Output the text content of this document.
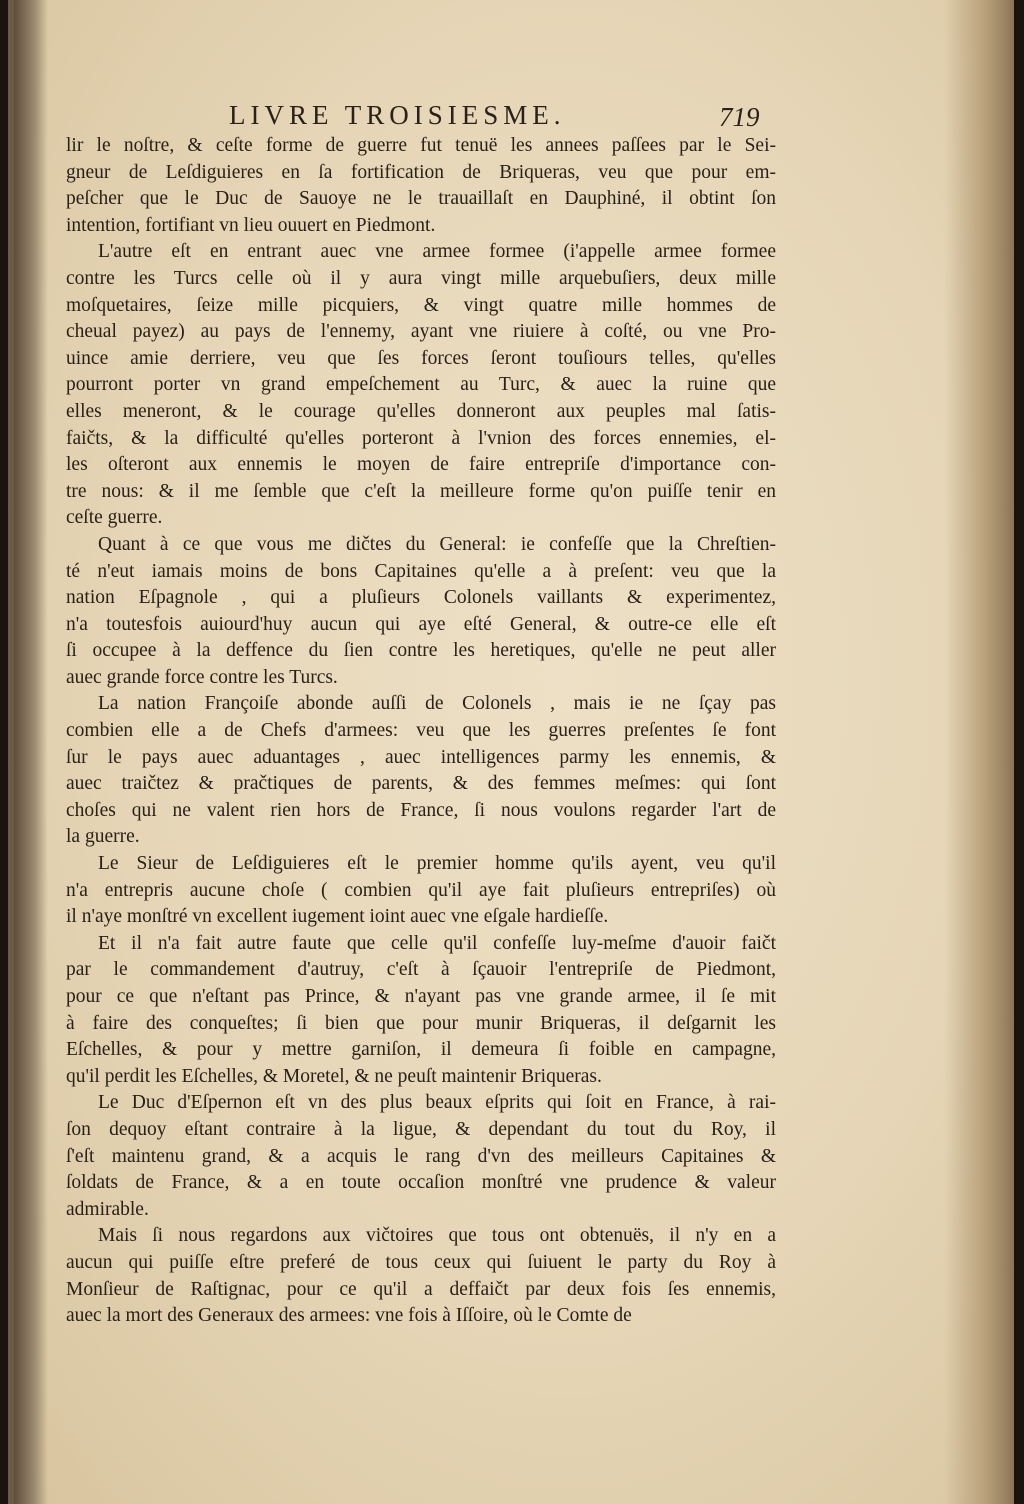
LIVRE TROISIESME.	719
lir le noſtre, & ceſte forme de guerre fut tenuë les annees paſſees par le Sei-
gneur de Leſdiguieres en ſa fortification de Briqueras, veu que pour em-
peſcher que le Duc de Sauoye ne le trauaillaſt en Dauphiné, il obtint ſon
intention, fortifiant vn lieu ouuert en Piedmont.
L'autre eſt en entrant auec vne armee formee (i'appelle armee formee
contre les Turcs celle où il y aura vingt mille arquebuſiers, deux mille
moſquetaires, ſeize mille picquiers, & vingt quatre mille hommes de
cheual payez) au pays de l'ennemy, ayant vne riuiere à coſté, ou vne Pro-
uince amie derriere, veu que ſes forces ſeront touſiours telles, qu'elles
pourront porter vn grand empeſchement au Turc, & auec la ruine que
elles meneront, & le courage qu'elles donneront aux peuples mal ſatis-
faičts, & la difficulté qu'elles porteront à l'vnion des forces ennemies, el-
les oſteront aux ennemis le moyen de faire entrepriſe d'importance con-
tre nous: & il me ſemble que c'eſt la meilleure forme qu'on puiſſe tenir en
ceſte guerre.
Quant à ce que vous me dičtes du General: ie confeſſe que la Chreſtien-
té n'eut iamais moins de bons Capitaines qu'elle a à preſent: veu que la
nation Eſpagnole , qui a pluſieurs Colonels vaillants & experimentez,
n'a toutesfois auiourd'huy aucun qui aye eſté General, & outre-ce elle eſt
ſi occupee à la deffence du ſien contre les heretiques, qu'elle ne peut aller
auec grande force contre les Turcs.
La nation Françoiſe abonde auſſi de Colonels , mais ie ne ſçay pas
combien elle a de Chefs d'armees: veu que les guerres preſentes ſe font
ſur le pays auec aduantages , auec intelligences parmy les ennemis, &
auec traičtez & pračtiques de parents, & des femmes meſmes: qui ſont
choſes qui ne valent rien hors de France, ſi nous voulons regarder l'art de
la guerre.
Le Sieur de Leſdiguieres eſt le premier homme qu'ils ayent, veu qu'il
n'a entrepris aucune choſe ( combien qu'il aye fait pluſieurs entrepriſes) où
il n'aye monſtré vn excellent iugement ioint auec vne eſgale hardieſſe.
Et il n'a fait autre faute que celle qu'il confeſſe luy-meſme d'auoir faičt
par le commandement d'autruy, c'eſt à ſçauoir l'entrepriſe de Piedmont,
pour ce que n'eſtant pas Prince, & n'ayant pas vne grande armee, il ſe mit
à faire des conqueſtes; ſi bien que pour munir Briqueras, il deſgarnit les
Eſchelles, & pour y mettre garniſon, il demeura ſi foible en campagne,
qu'il perdit les Eſchelles, & Moretel, & ne peuſt maintenir Briqueras.
Le Duc d'Eſpernon eſt vn des plus beaux eſprits qui ſoit en France, à rai-
ſon dequoy eſtant contraire à la ligue, & dependant du tout du Roy, il
ſ'eſt maintenu grand, & a acquis le rang d'vn des meilleurs Capitaines &
ſoldats de France, & a en toute occaſion monſtré vne prudence & valeur
admirable.
Mais ſi nous regardons aux vičtoires que tous ont obtenuës, il n'y en a
aucun qui puiſſe eſtre preferé de tous ceux qui ſuiuent le party du Roy à
Monſieur de Raſtignac, pour ce qu'il a deffaičt par deux fois ſes ennemis,
auec la mort des Generaux des armees: vne fois à Iſſoire, où le Comte de
